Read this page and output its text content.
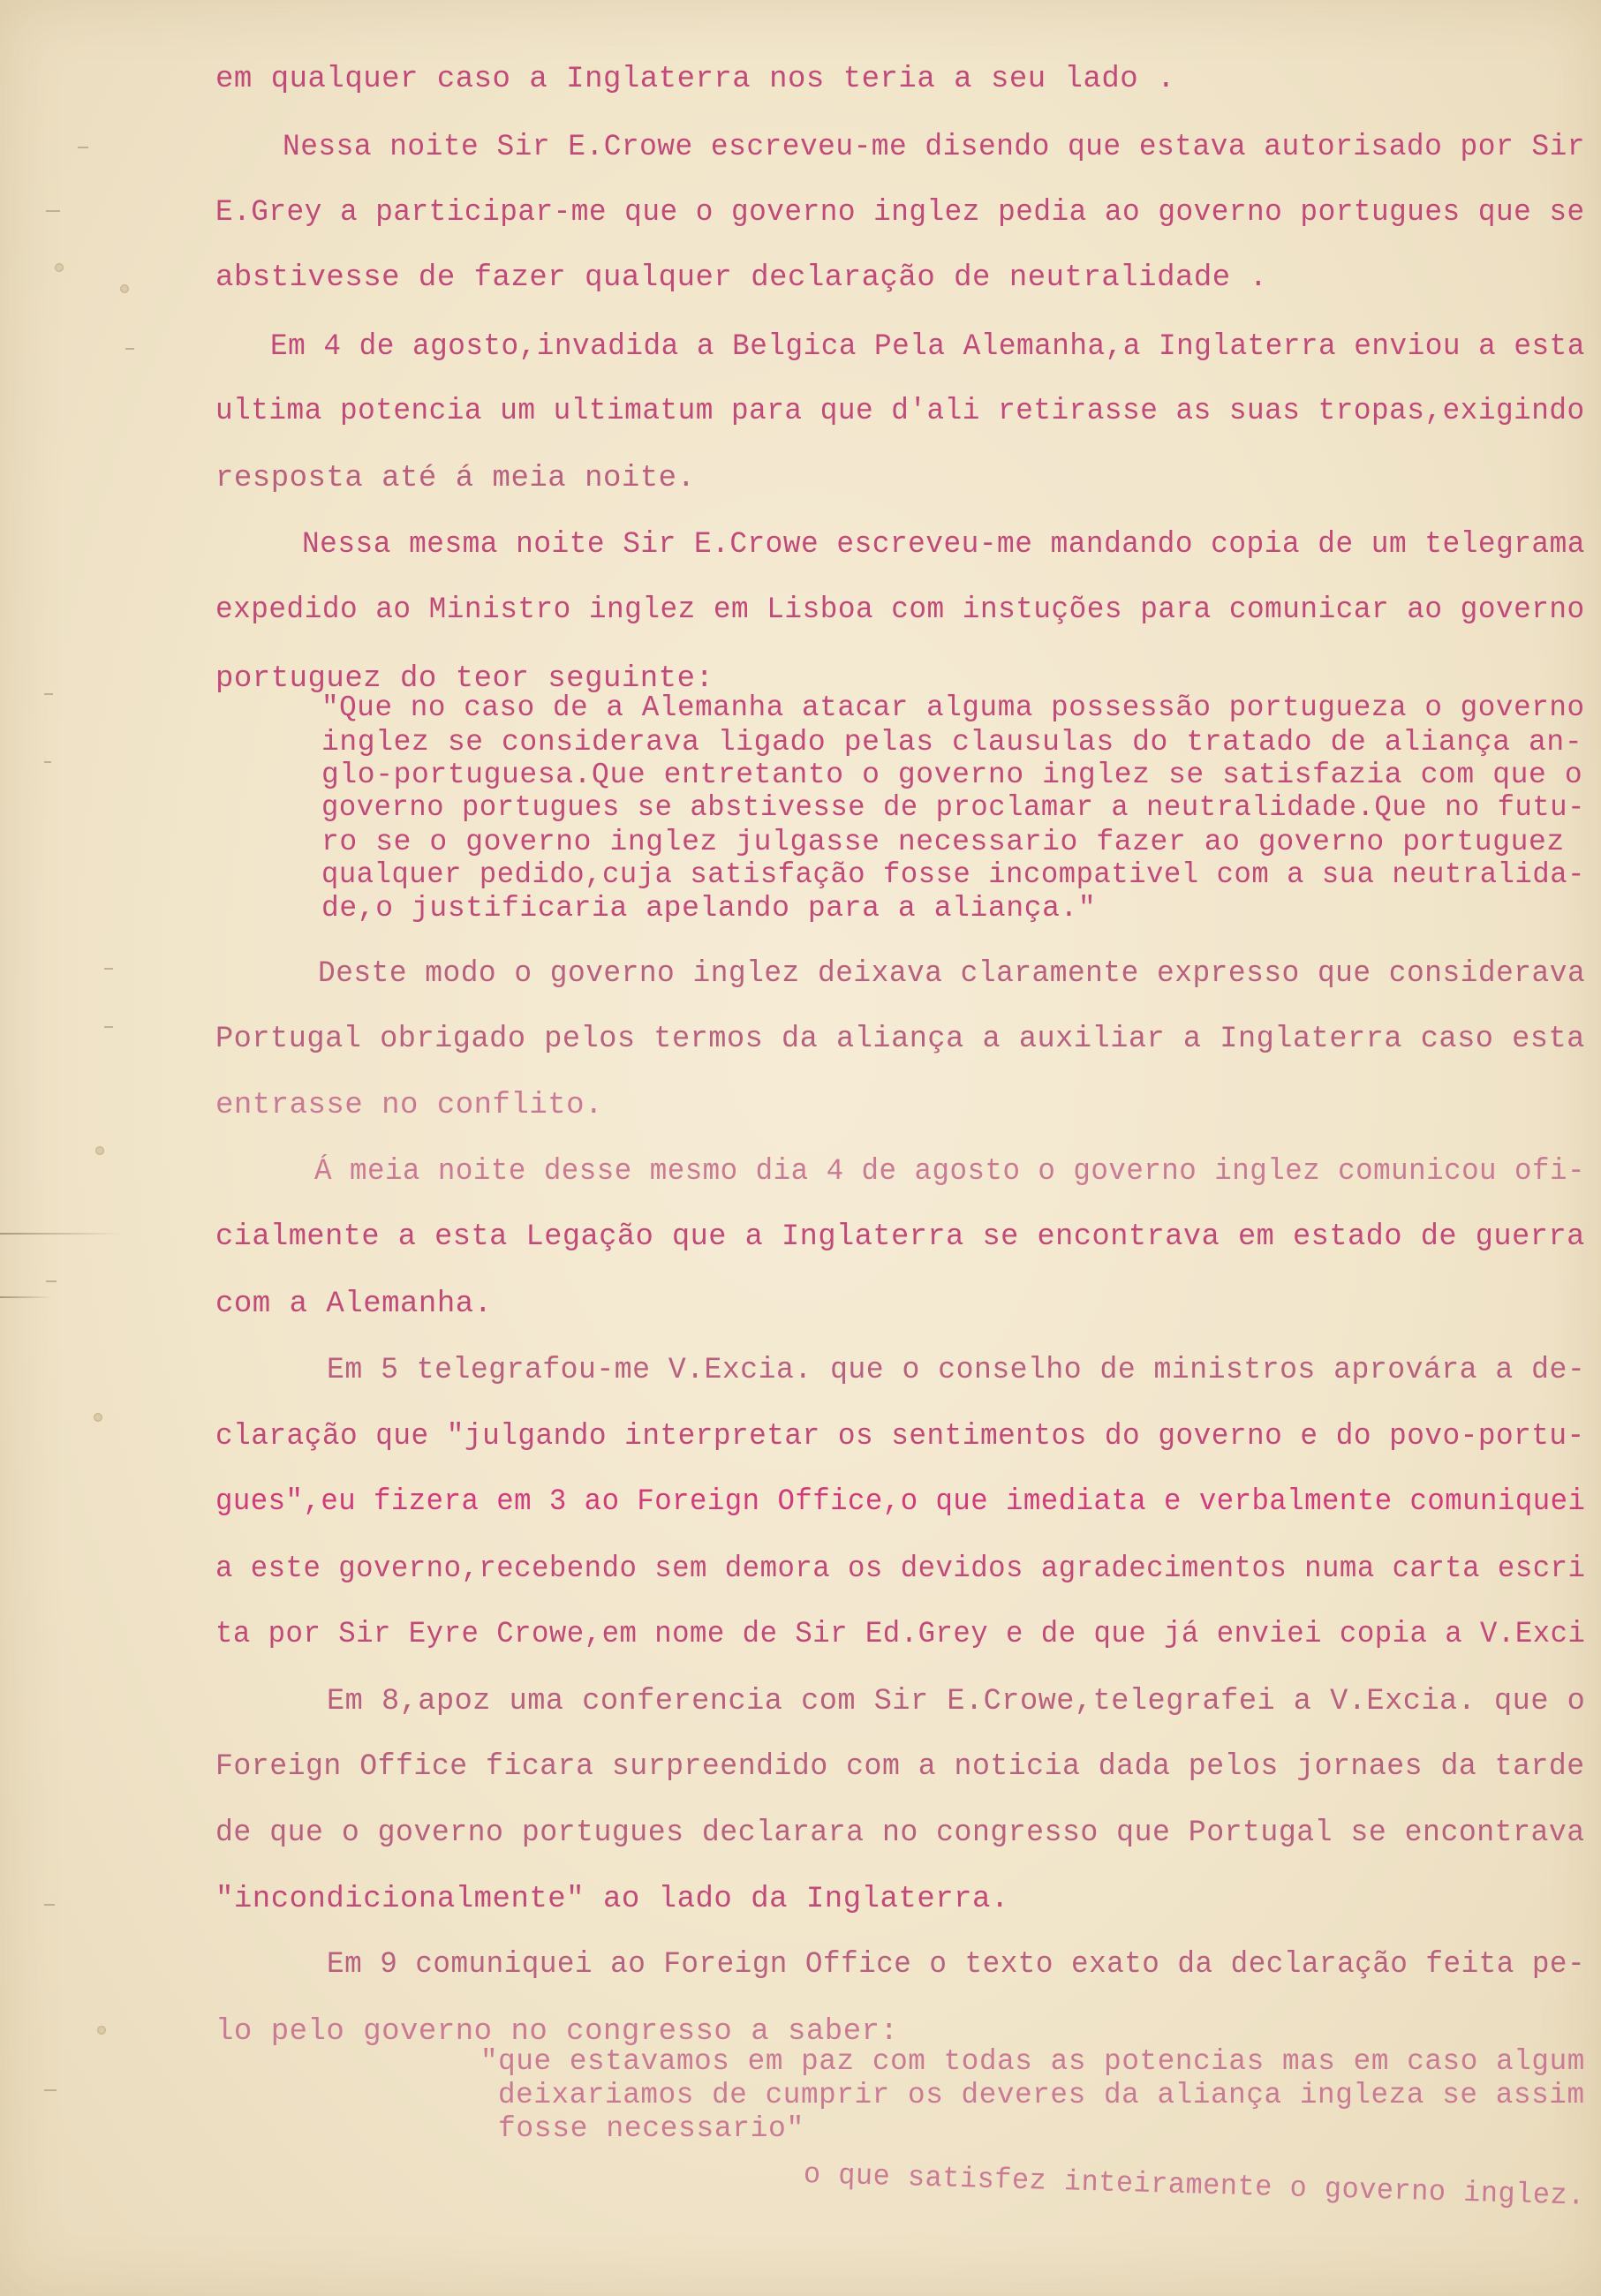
em qualquer caso a Inglaterra nos teria a seu lado .
Nessa noite Sir E.Crowe escreveu-me disendo que estava autorisado por Sir
E.Grey a participar-me que o governo inglez pedia ao governo portugues que se
abstivesse de fazer qualquer declaração de neutralidade .
Em 4 de agosto,invadida a Belgica Pela Alemanha,a Inglaterra enviou a esta
ultima potencia um ultimatum para que d'ali retirasse as suas tropas,exigindo
resposta até á meia noite.
Nessa mesma noite Sir E.Crowe escreveu-me mandando copia de um telegrama
expedido ao Ministro inglez em Lisboa com instuções para comunicar ao governo
portuguez do teor seguinte:
"Que no caso de a Alemanha atacar alguma possessão portugueza o governo
inglez se considerava ligado pelas clausulas do tratado de aliança an-
glo-portuguesa.Que entretanto o governo inglez se satisfazia com que o
governo portugues se abstivesse de proclamar a neutralidade.Que no futu-
ro se o governo inglez julgasse necessario fazer ao governo portuguez
qualquer pedido,cuja satisfação fosse incompativel com a sua neutralida-
de,o justificaria apelando para a aliança."
Deste modo o governo inglez deixava claramente expresso que considerava
Portugal obrigado pelos termos da aliança a auxiliar a Inglaterra caso esta
entrasse no conflito.
Á meia noite desse mesmo dia 4 de agosto o governo inglez comunicou ofi-
cialmente a esta Legação que a Inglaterra se encontrava em estado de guerra
com a Alemanha.
Em 5 telegrafou-me V.Excia. que o conselho de ministros aprovára a de-
claração que "julgando interpretar os sentimentos do governo e do povo-portu-
gues",eu fizera em 3 ao Foreign Office,o que imediata e verbalmente comuniquei
a este governo,recebendo sem demora os devidos agradecimentos numa carta escri
ta por Sir Eyre Crowe,em nome de Sir Ed.Grey e de que já enviei copia a V.Exci
Em 8,apoz uma conferencia com Sir E.Crowe,telegrafei a V.Excia. que o
Foreign Office ficara surpreendido com a noticia dada pelos jornaes da tarde
de que o governo portugues declarara no congresso que Portugal se encontrava
"incondicionalmente" ao lado da Inglaterra.
Em 9 comuniquei ao Foreign Office o texto exato da declaração feita pe-
lo pelo governo no congresso a saber:
"que estavamos em paz com todas as potencias mas em caso algum
deixariamos de cumprir os deveres da aliança ingleza se assim
fosse necessario"
o que satisfez inteiramente o governo inglez.
